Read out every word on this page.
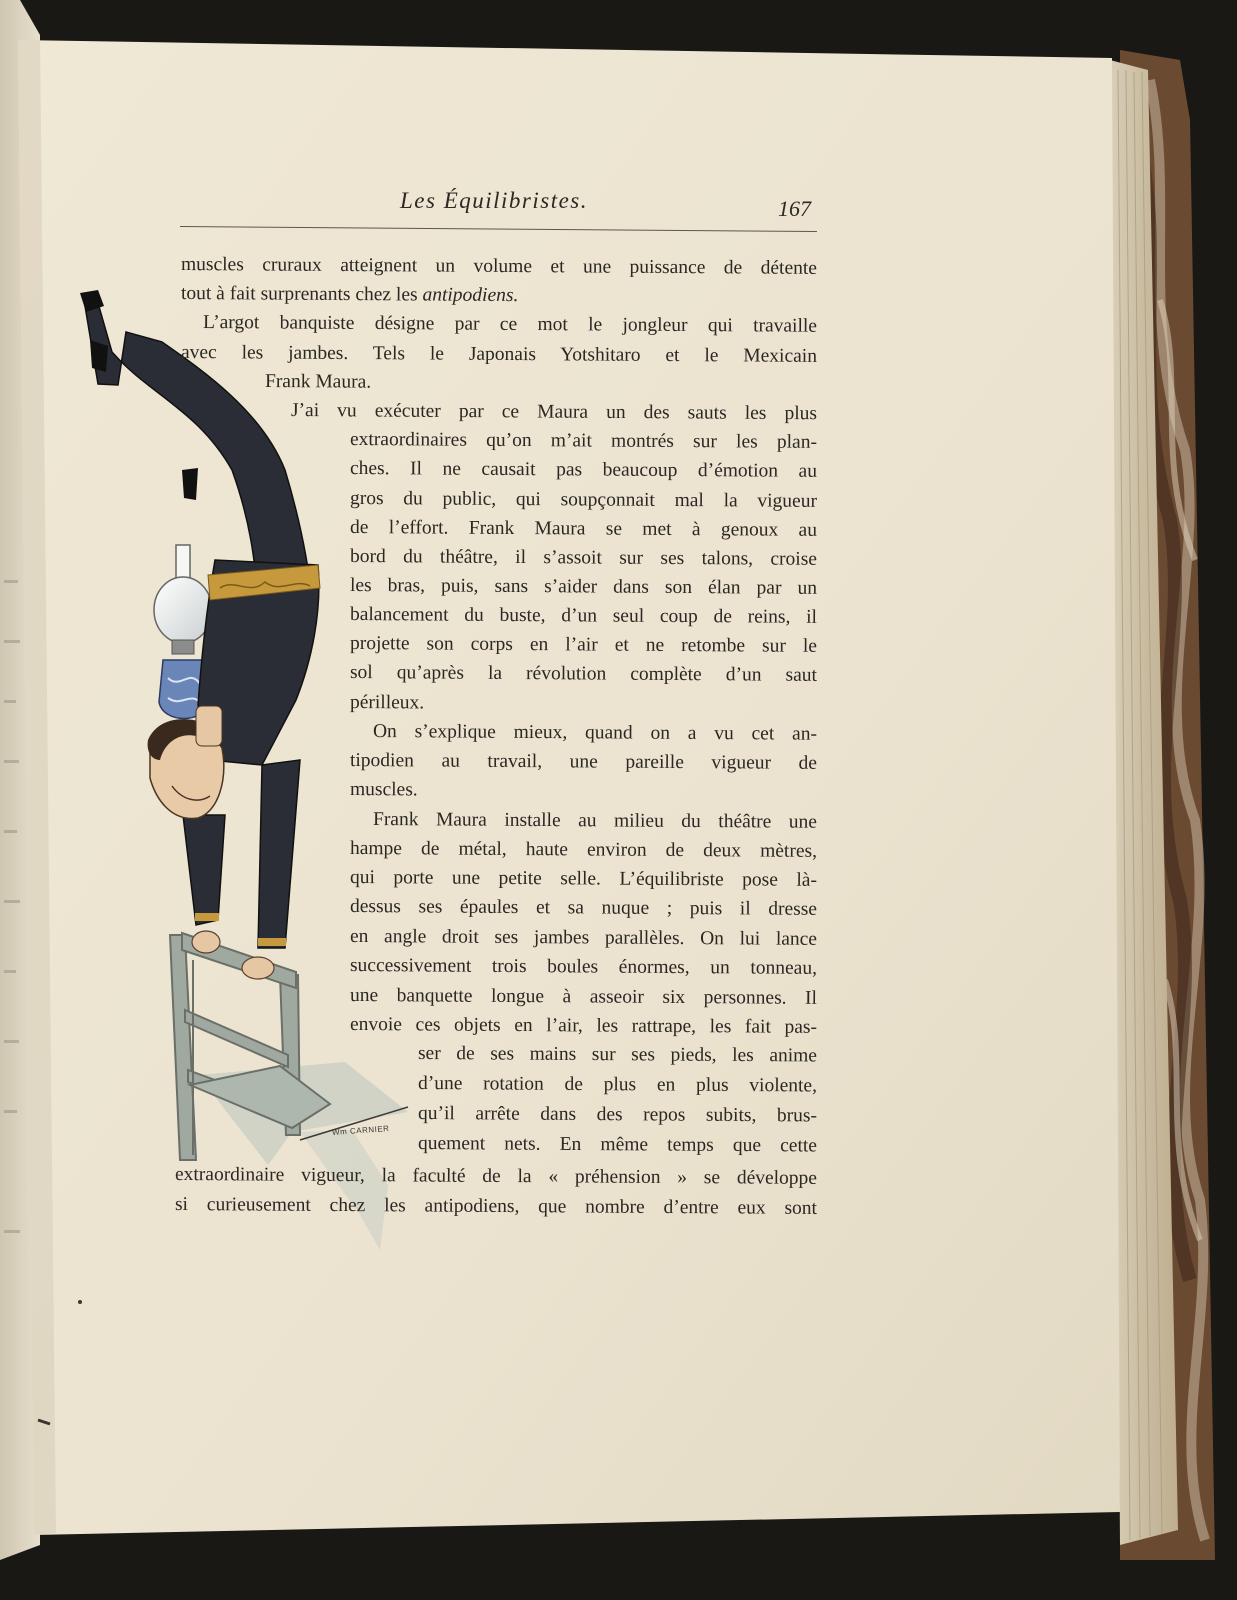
Les Équilibristes.	167
muscles cruraux atteignent un volume et une puissance de détente
tout à fait surprenants chez les antipodiens.
L’argot banquiste désigne par ce mot le jongleur qui travaille
avec les jambes. Tels le Japonais Yotshitaro et le Mexicain
Frank Maura.
J’ai vu exécuter par ce Maura un des sauts les plus
extraordinaires qu’on m’ait montrés sur les plan-
ches. Il ne causait pas beaucoup d’émotion au
gros du public, qui soupçonnait mal la vigueur
de l’effort. Frank Maura se met à genoux au
bord du théâtre, il s’assoit sur ses talons, croise
les bras, puis, sans s’aider dans son élan par un
balancement du buste, d’un seul coup de reins, il
projette son corps en l’air et ne retombe sur le
sol qu’après la révolution complète d’un saut
périlleux.
On s’explique mieux, quand on a vu cet an-
tipodien au travail, une pareille vigueur de
muscles.
Frank Maura installe au milieu du théâtre une
hampe de métal, haute environ de deux mètres,
qui porte une petite selle. L’équilibriste pose là-
dessus ses épaules et sa nuque ; puis il dresse
en angle droit ses jambes parallèles. On lui lance
successivement trois boules énormes, un tonneau,
une banquette longue à asseoir six personnes. Il
envoie ces objets en l’air, les rattrape, les fait pas-
ser de ses mains sur ses pieds, les anime
d’une rotation de plus en plus violente,
qu’il arrête dans des repos subits, brus-
quement nets. En même temps que cette
extraordinaire vigueur, la faculté de la « préhension » se développe
si curieusement chez les antipodiens, que nombre d’entre eux sont
Wm CARNIER
